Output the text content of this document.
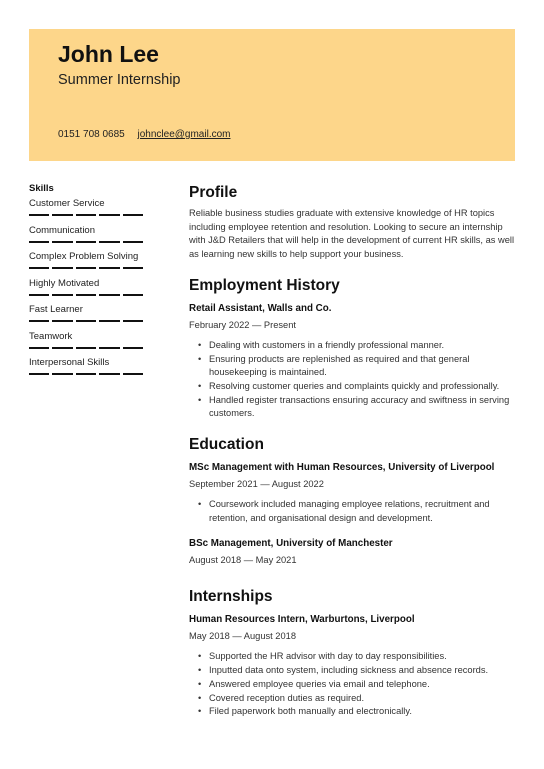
John Lee
Summer Internship
0151 708 0685 johnclee@gmail.com
Skills
Customer Service
Communication
Complex Problem Solving
Highly Motivated
Fast Learner
Teamwork
Interpersonal Skills
Profile

Reliable business studies graduate with extensive knowledge of HR topics including employee retention and resolution. Looking to secure an internship with J&D Retailers that will help in the development of current HR skills, as well as learning new skills to help support your business.

Employment History

Retail Assistant, Walls and Co.

February 2022 — Present

• Dealing with customers in a friendly professional manner.
• Ensuring products are replenished as required and that general housekeeping is maintained.
• Resolving customer queries and complaints quickly and professionally.
• Handled register transactions ensuring accuracy and swiftness in serving customers.
Education

MSc Management with Human Resources, University of Liverpool

September 2021 — August 2022

• Coursework included managing employee relations, recruitment and retention, and organisational design and development.

BSc Management, University of Manchester

August 2018 — May 2021

Internships

Human Resources Intern, Warburtons, Liverpool

May 2018 — August 2018

• Supported the HR advisor with day to day responsibilities.
• Inputted data onto system, including sickness and absence records.
• Answered employee queries via email and telephone.
• Covered reception duties as required.
• Filed paperwork both manually and electronically.
